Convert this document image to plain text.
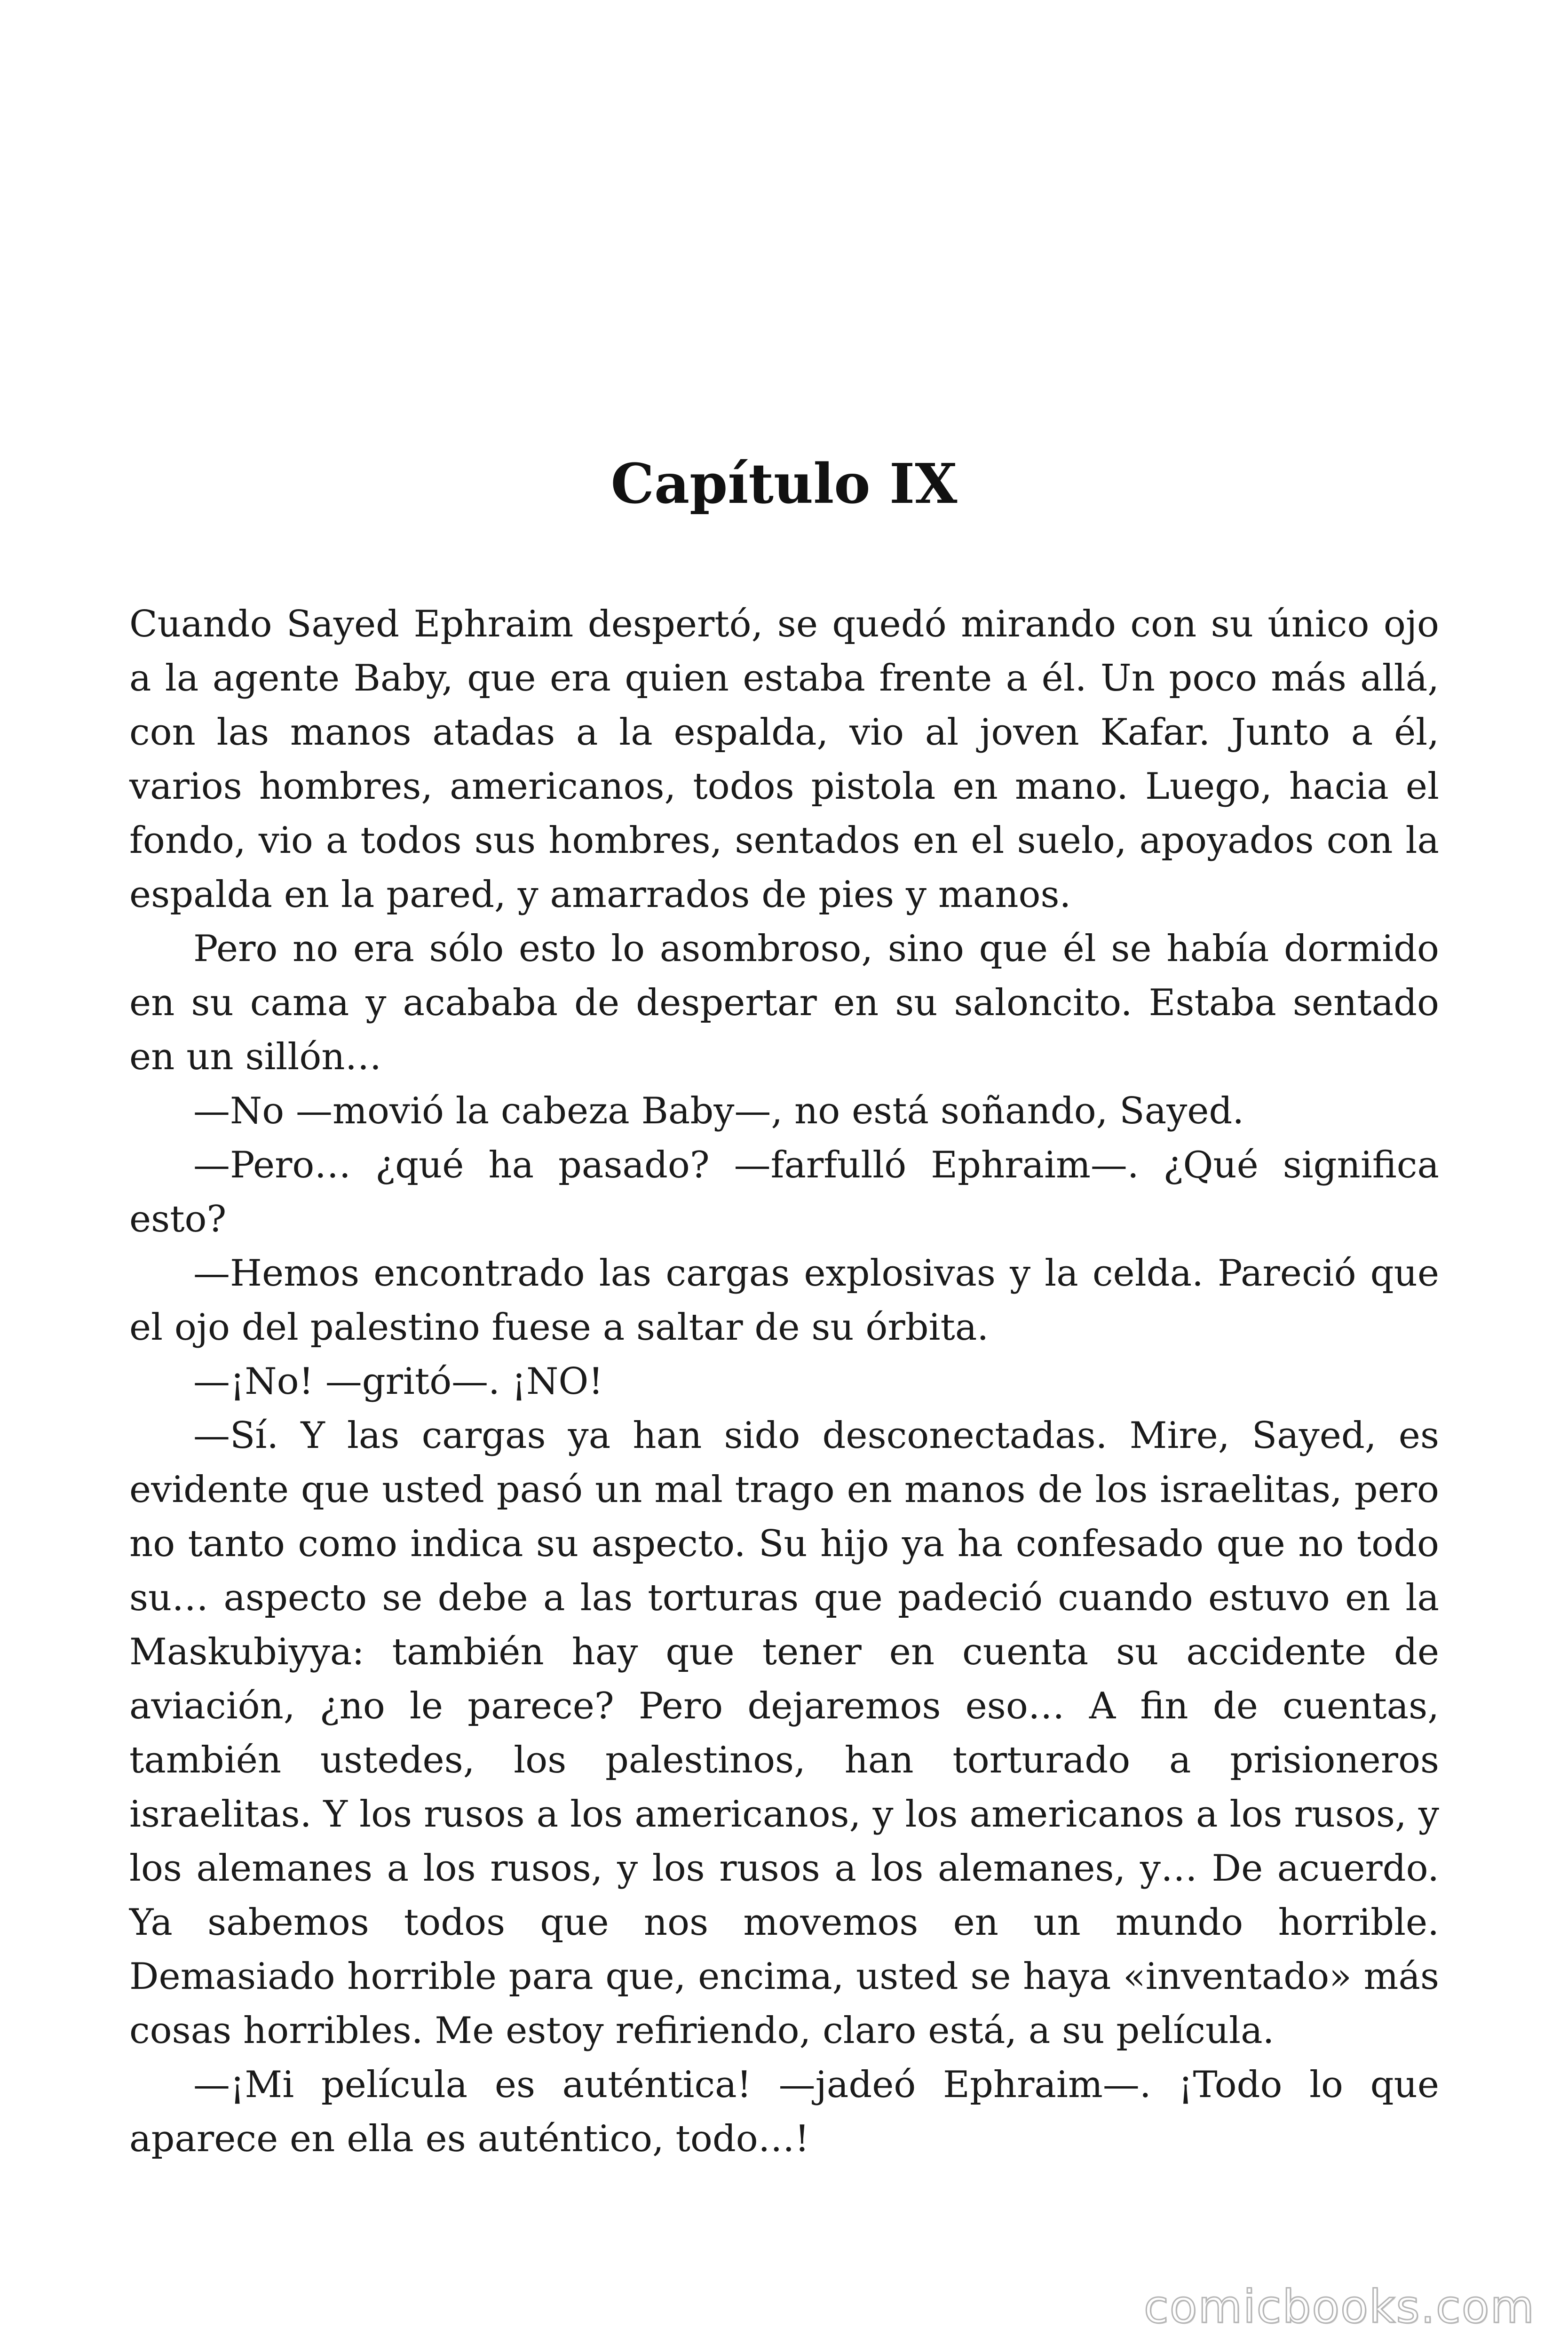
Capítulo IX

Cuando Sayed Ephraim despertó, se quedó mirando con su único ojo a la agente Baby, que era quien estaba frente a él. Un poco más allá, con las manos atadas a la espalda, vio al joven Kafar. Junto a él, varios hombres, americanos, todos pistola en mano. Luego, hacia el fondo, vio a todos sus hombres, sentados en el suelo, apoyados con la espalda en la pared, y amarrados de pies y manos.

Pero no era sólo esto lo asombroso, sino que él se había dormido en su cama y acababa de despertar en su saloncito. Estaba sentado en un sillón…

—No —movió la cabeza Baby—, no está soñando, Sayed.

—Pero… ¿qué ha pasado? —farfulló Ephraim—. ¿Qué significa esto?

—Hemos encontrado las cargas explosivas y la celda. Pareció que el ojo del palestino fuese a saltar de su órbita.

—¡No! —gritó—. ¡NO!

—Sí. Y las cargas ya han sido desconectadas. Mire, Sayed, es evidente que usted pasó un mal trago en manos de los israelitas, pero no tanto como indica su aspecto. Su hijo ya ha confesado que no todo su… aspecto se debe a las torturas que padeció cuando estuvo en la Maskubiyya: también hay que tener en cuenta su accidente de aviación, ¿no le parece? Pero dejaremos eso… A fin de cuentas, también ustedes, los palestinos, han torturado a prisioneros israelitas. Y los rusos a los americanos, y los americanos a los rusos, y los alemanes a los rusos, y los rusos a los alemanes, y… De acuerdo. Ya sabemos todos que nos movemos en un mundo horrible. Demasiado horrible para que, encima, usted se haya «inventado» más cosas horribles. Me estoy refiriendo, claro está, a su película.

—¡Mi película es auténtica! —jadeó Ephraim—. ¡Todo lo que aparece en ella es auténtico, todo…!

comicbooks.com
